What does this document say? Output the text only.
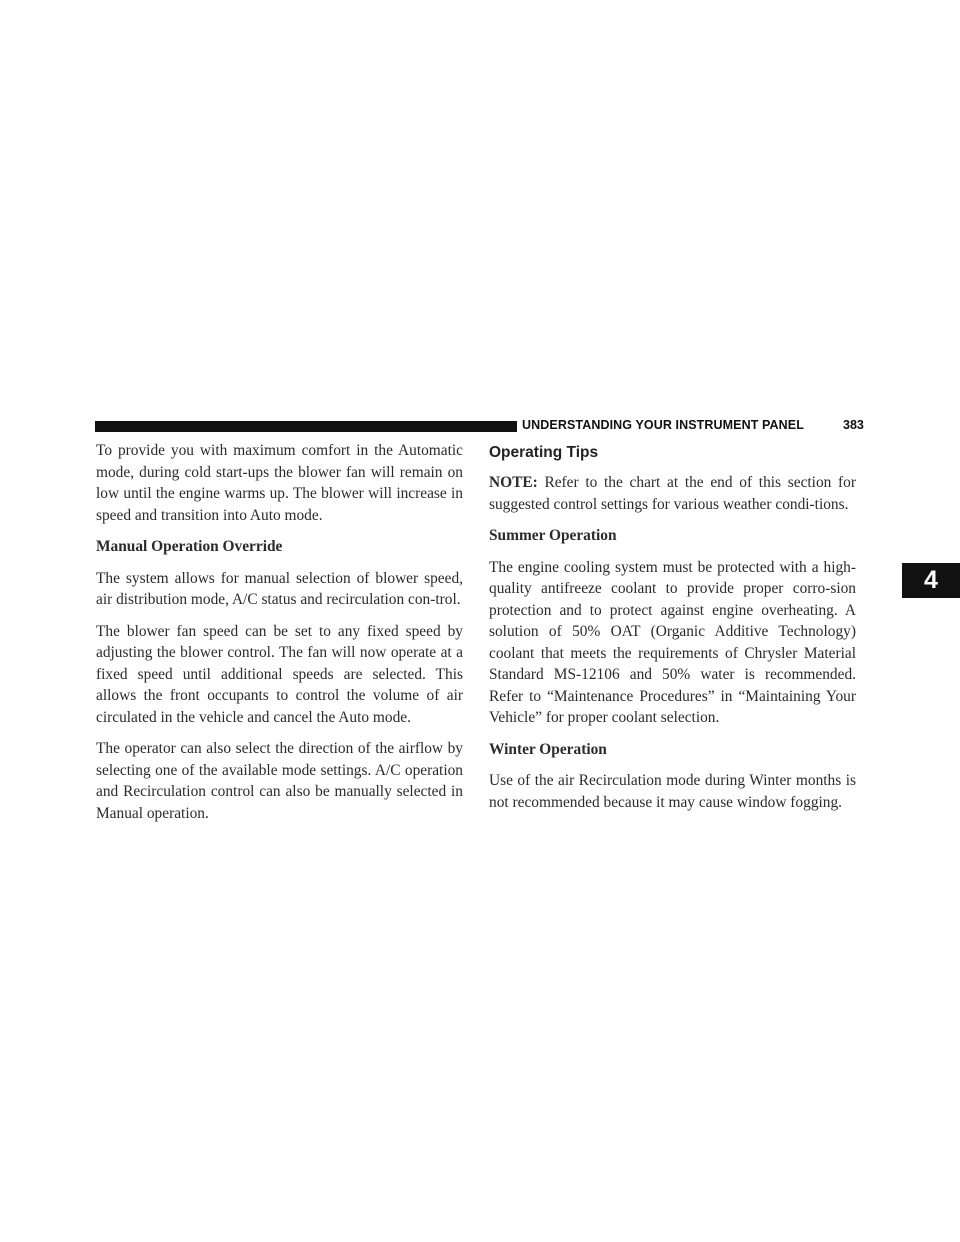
UNDERSTANDING YOUR INSTRUMENT PANEL	383
4

To provide you with maximum comfort in the Automatic mode, during cold start-ups the blower fan will remain on low until the engine warms up. The blower will increase in speed and transition into Auto mode.

Manual Operation Override

The system allows for manual selection of blower speed, air distribution mode, A/C status and recirculation con-trol.

The blower fan speed can be set to any fixed speed by adjusting the blower control. The fan will now operate at a fixed speed until additional speeds are selected. This allows the front occupants to control the volume of air circulated in the vehicle and cancel the Auto mode.

The operator can also select the direction of the airflow by selecting one of the available mode settings. A/C operation and Recirculation control can also be manually selected in Manual operation.

Operating Tips

NOTE: Refer to the chart at the end of this section for suggested control settings for various weather condi-tions.

Summer Operation

The engine cooling system must be protected with a high-quality antifreeze coolant to provide proper corro-sion protection and to protect against engine overheating. A solution of 50% OAT (Organic Additive Technology) coolant that meets the requirements of Chrysler Material Standard MS-12106 and 50% water is recommended. Refer to “Maintenance Procedures” in “Maintaining Your Vehicle” for proper coolant selection.

Winter Operation

Use of the air Recirculation mode during Winter months is not recommended because it may cause window fogging.
